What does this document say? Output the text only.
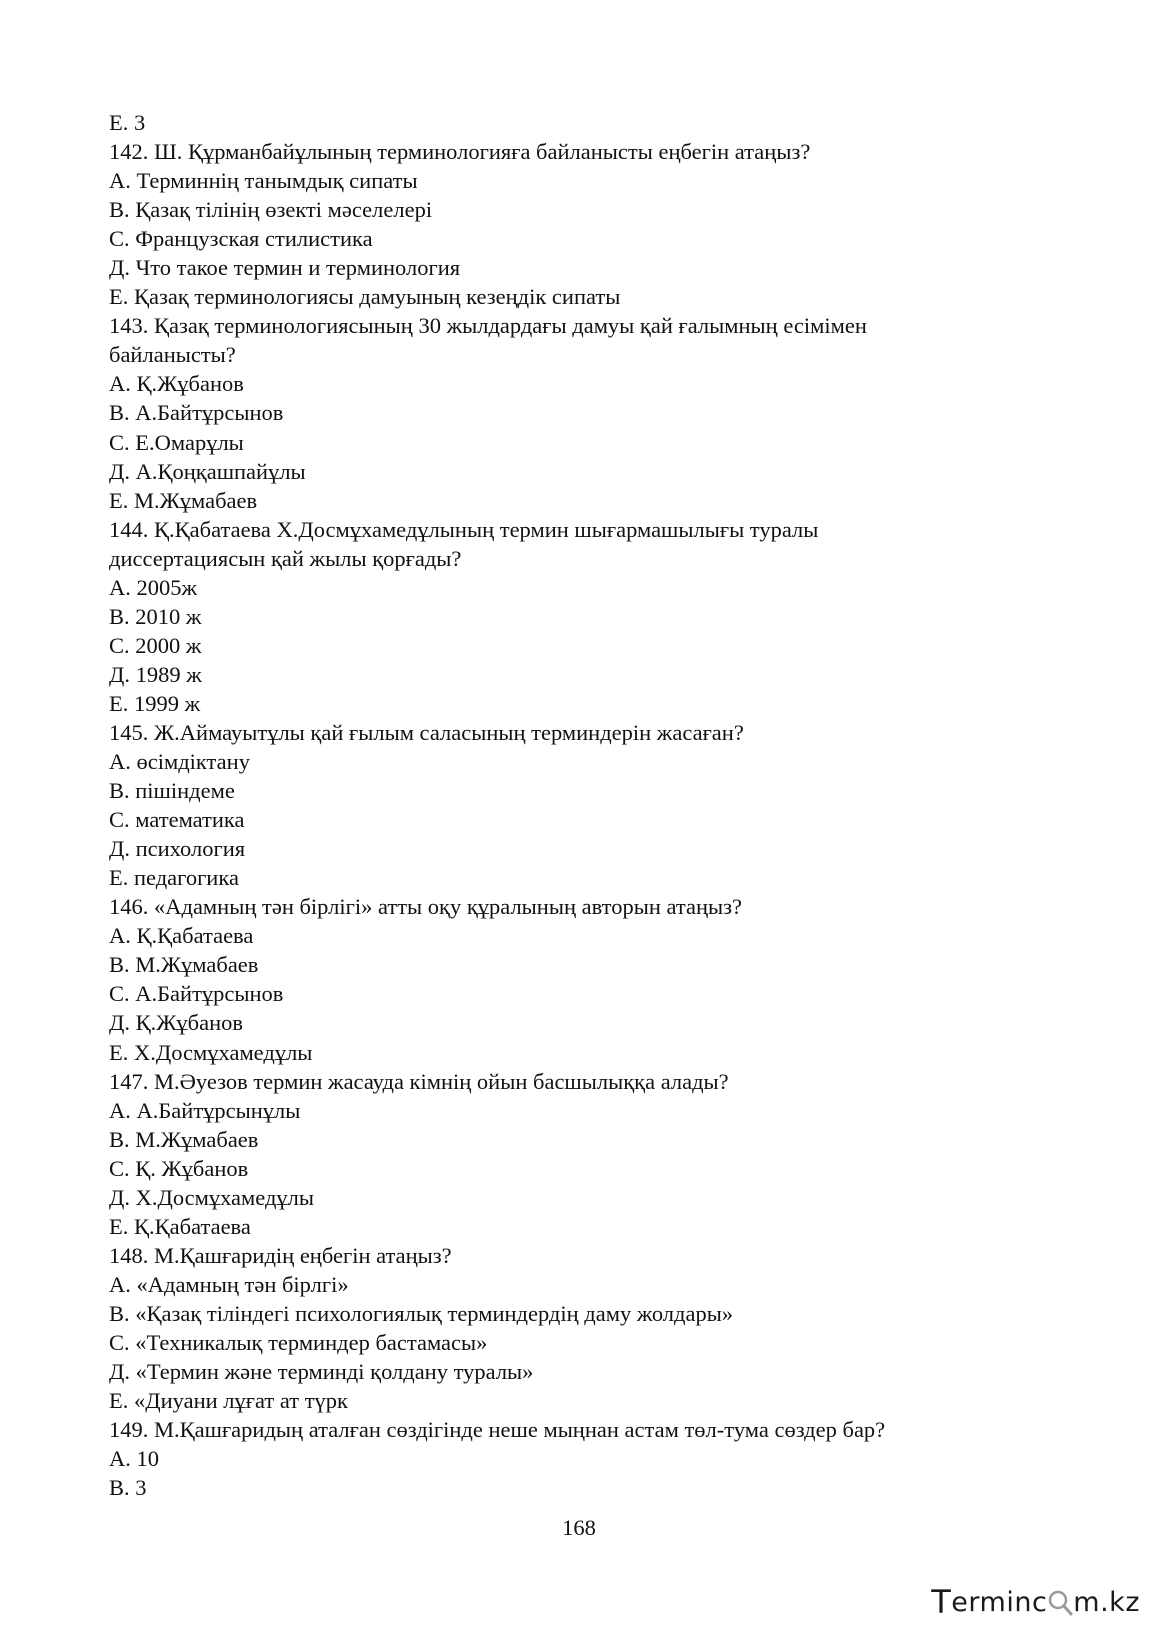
E. 3
142. Ш. Құрманбайұлының терминологияға байланысты еңбегін атаңыз?
A. Терминнің танымдық сипаты
B. Қазақ тілінің өзекті мәселелері
C. Французская стилистика
Д. Что такое термин и терминология
E. Қазақ терминологиясы дамуының кезеңдік сипаты
143. Қазақ терминологиясының 30 жылдардағы дамуы қай ғалымның есімімен
байланысты?
A. Қ.Жұбанов
B. А.Байтұрсынов
C. Е.Омарұлы
Д. А.Қоңқашпайұлы
E. М.Жұмабаев
144. Қ.Қабатаева Х.Досмұхамедұлының термин шығармашылығы туралы
диссертациясын қай жылы қорғады?
A. 2005ж
B. 2010 ж
C. 2000 ж
Д. 1989 ж
E. 1999 ж
145. Ж.Аймауытұлы қай ғылым саласының терминдерін жасаған?
A. өсімдіктану
B. пішіндеме
C. математика
Д. психология
E. педагогика
146. «Адамның тән бірлігі» атты оқу құралының авторын атаңыз?
A. Қ.Қабатаева
B. М.Жұмабаев
C. А.Байтұрсынов
Д. Қ.Жұбанов
E. Х.Досмұхамедұлы
147. М.Әуезов термин жасауда кімнің ойын басшылыққа алады?
A. А.Байтұрсынұлы
B. М.Жұмабаев
C. Қ. Жұбанов
Д. Х.Досмұхамедұлы
E. Қ.Қабатаева
148. М.Қашғаридің еңбегін атаңыз?
A. «Адамның тән бірлгі»
B. «Қазақ тіліндегі психологиялық терминдердің даму жолдары»
C. «Техникалық терминдер бастамасы»
Д. «Термин және терминді қолдану туралы»
E. «Диуани лұғат ат түрк
149. М.Қашғаридың аталған сөздігінде неше мыңнан астам төл-тума сөздер бар?
A. 10
B. 3
168
T erminc m.kz
